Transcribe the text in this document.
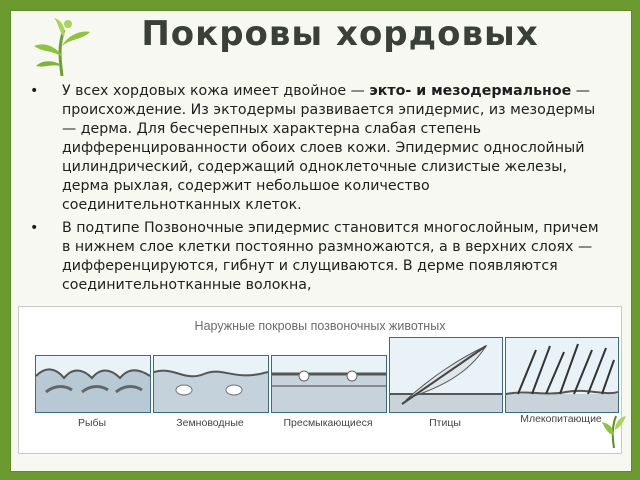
Покровы хордовых
• У всех хордовых кожа имеет двойное — экто- и мезодермальное — происхождение. Из эктодермы развивается эпидермис, из мезодермы — дерма. Для бесчерепных характерна слабая степень дифференцированности обоих слоев кожи. Эпидермис однослойный цилиндрический, содержащий одноклеточные слизистые железы, дерма рыхлая, содержит небольшое количество соединительнотканных клеток.
• В подтипе Позвоночные эпидермис становится многослойным, причем в нижнем слое клетки постоянно размножаются, а в верхних слоях — дифференцируются, гибнут и слущиваются. В дерме появляются соединительнотканные волокна,
Наружные покровы позвоночных животных
Рыбы	Земноводные	Пресмыкающиеся	Птицы	Млекопитающие
